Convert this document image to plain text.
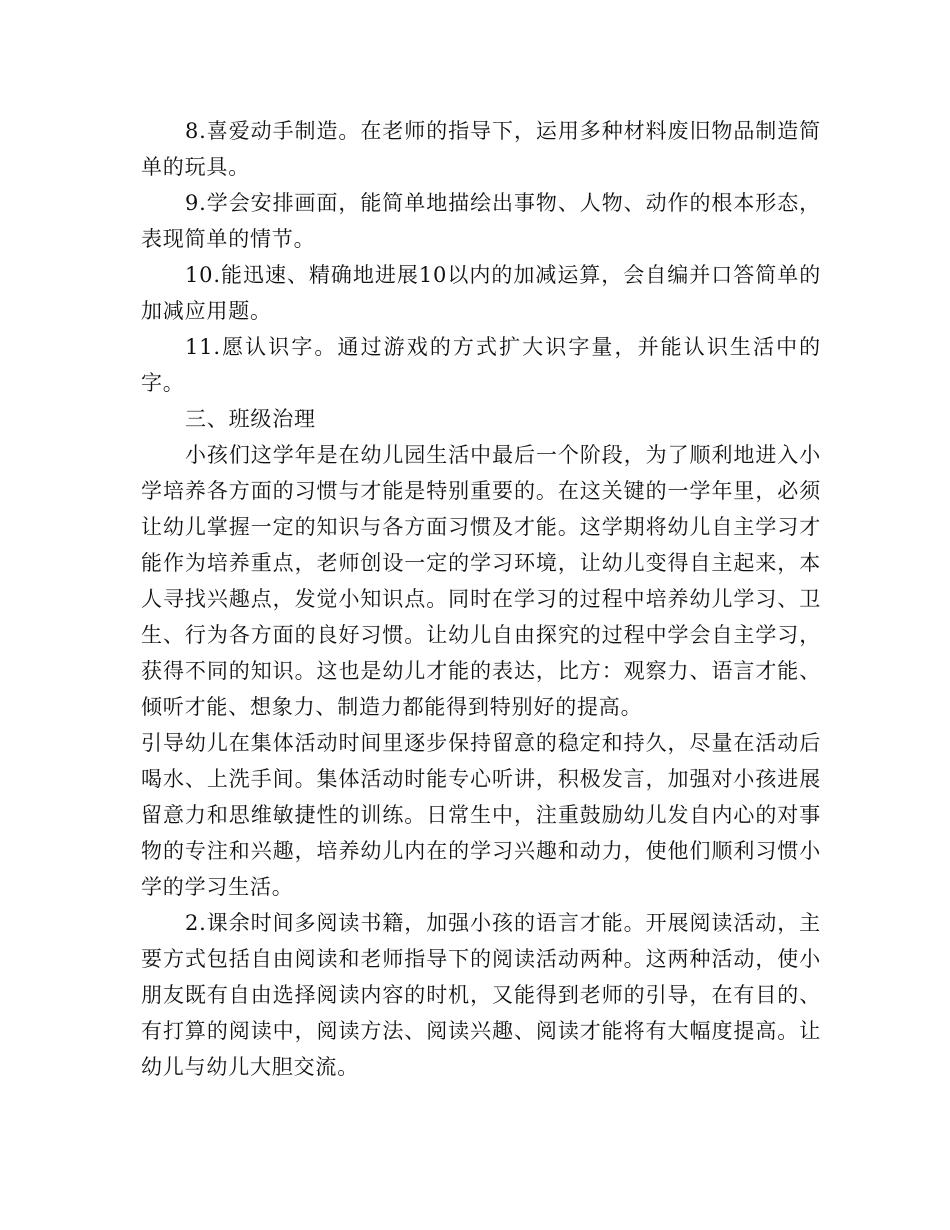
8.喜爱动手制造。在老师的指导下，运用多种材料废旧物品制造简单的玩具。

9.学会安排画面，能简单地描绘出事物、人物、动作的根本形态，表现简单的情节。

10.能迅速、精确地进展10以内的加减运算，会自编并口答简单的加减应用题。

11.愿认识字。通过游戏的方式扩大识字量，并能认识生活中的字。

三、班级治理

小孩们这学年是在幼儿园生活中最后一个阶段，为了顺利地进入小学培养各方面的习惯与才能是特别重要的。在这关键的一学年里，必须让幼儿掌握一定的知识与各方面习惯及才能。这学期将幼儿自主学习才能作为培养重点，老师创设一定的学习环境，让幼儿变得自主起来，本人寻找兴趣点，发觉小知识点。同时在学习的过程中培养幼儿学习、卫生、行为各方面的良好习惯。让幼儿自由探究的过程中学会自主学习，获得不同的知识。这也是幼儿才能的表达，比方：观察力、语言才能、倾听才能、想象力、制造力都能得到特别好的提高。

引导幼儿在集体活动时间里逐步保持留意的稳定和持久，尽量在活动后喝水、上洗手间。集体活动时能专心听讲，积极发言，加强对小孩进展留意力和思维敏捷性的训练。日常生中，注重鼓励幼儿发自内心的对事物的专注和兴趣，培养幼儿内在的学习兴趣和动力，使他们顺利习惯小学的学习生活。

2.课余时间多阅读书籍，加强小孩的语言才能。开展阅读活动，主要方式包括自由阅读和老师指导下的阅读活动两种。这两种活动，使小朋友既有自由选择阅读内容的时机，又能得到老师的引导，在有目的、有打算的阅读中，阅读方法、阅读兴趣、阅读才能将有大幅度提高。让幼儿与幼儿大胆交流。
